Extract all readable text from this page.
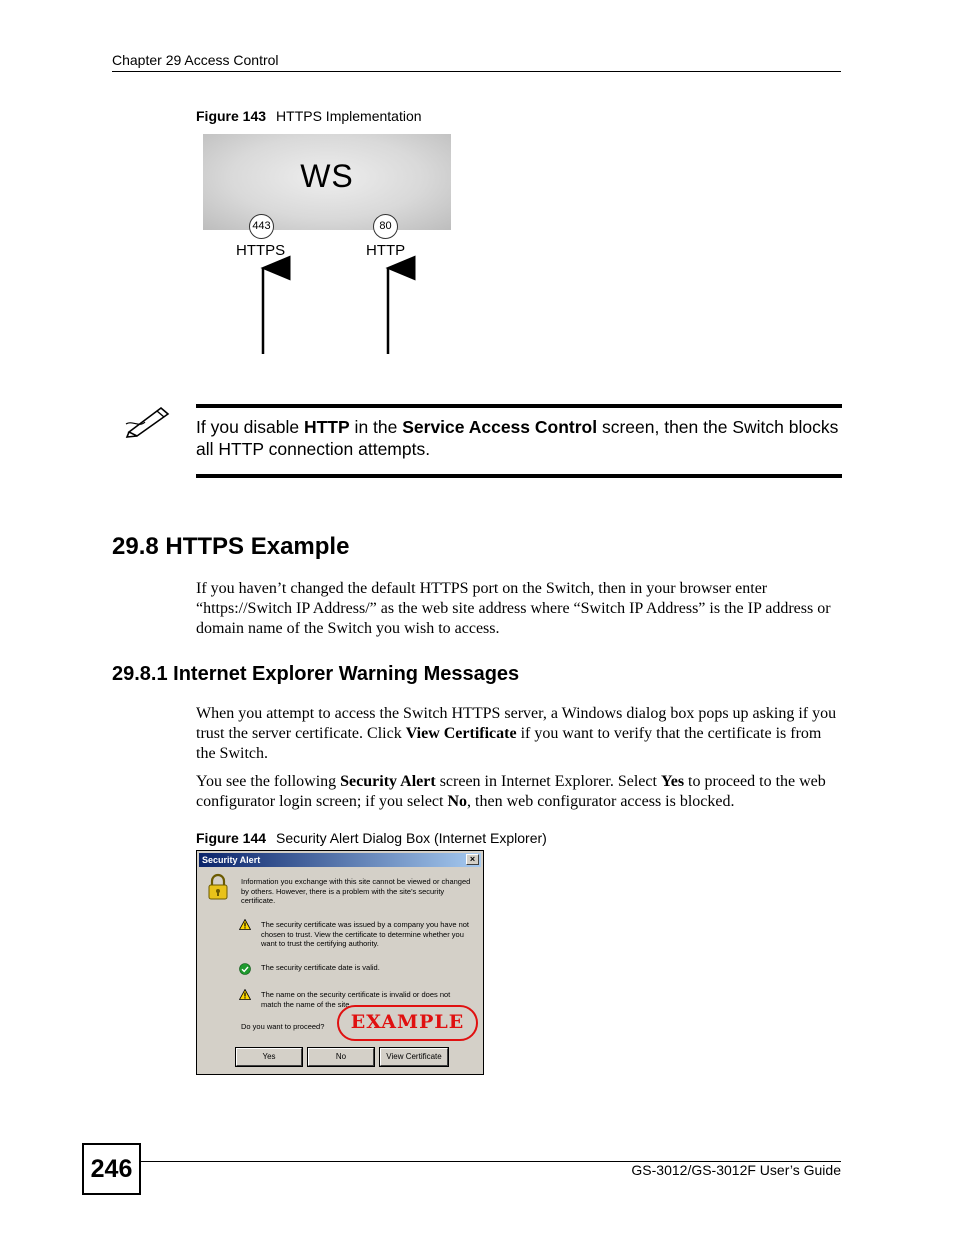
Chapter 29 Access Control
Figure 143 HTTPS Implementation
WS
443	80
HTTPS	HTTP
If you disable HTTP in the Service Access Control screen, then the Switch blocks all HTTP connection attempts.
29.8 HTTPS Example
If you haven’t changed the default HTTPS port on the Switch, then in your browser enter “https://Switch IP Address/” as the web site address where “Switch IP Address” is the IP address or domain name of the Switch you wish to access.
29.8.1 Internet Explorer Warning Messages
When you attempt to access the Switch HTTPS server, a Windows dialog box pops up asking if you trust the server certificate. Click View Certificate if you want to verify that the certificate is from the Switch.
You see the following Security Alert screen in Internet Explorer. Select Yes to proceed to the web configurator login screen; if you select No, then web configurator access is blocked.
Figure 144 Security Alert Dialog Box (Internet Explorer)
Security Alert	×
Information you exchange with this site cannot be viewed or changed by others. However, there is a problem with the site's security certificate.
The security certificate was issued by a company you have not chosen to trust. View the certificate to determine whether you want to trust the certifying authority.
The security certificate date is valid.
The name on the security certificate is invalid or does not match the name of the site
Do you want to proceed?	EXAMPLE
Yes	No	View Certificate
246	GS-3012/GS-3012F User’s Guide
